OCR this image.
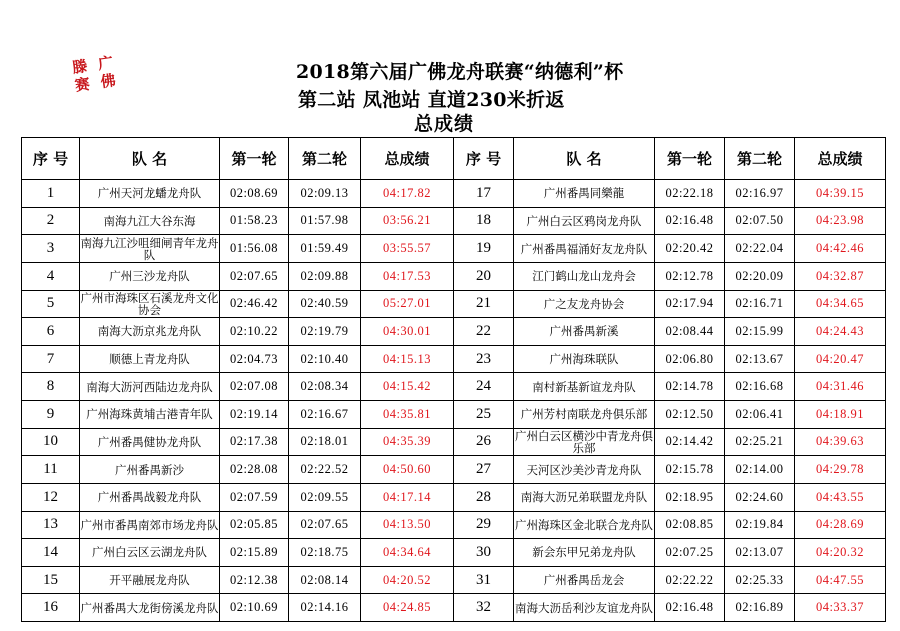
滕 广
赛 佛	2018第六届广佛龙舟联赛“纳德利”杯
第二站 凤池站 直道230米折返
总成绩
序 号	队 名	第一轮	第二轮	总成绩	序 号	队 名	第一轮	第二轮	总成绩
1	广州天河龙蟠龙舟队	02:08.69	02:09.13	04:17.82	17	广州番禺同樂龍	02:22.18	02:16.97	04:39.15
2	南海九江大谷东海	01:58.23	01:57.98	03:56.21	18	广州白云区鸦岗龙舟队	02:16.48	02:07.50	04:23.98
3	南海九江沙咀细闸青年龙舟队	01:56.08	01:59.49	03:55.57	19	广州番禺福涌好友龙舟队	02:20.42	02:22.04	04:42.46
4	广州三沙龙舟队	02:07.65	02:09.88	04:17.53	20	江门鹤山龙山龙舟会	02:12.78	02:20.09	04:32.87
5	广州市海珠区石溪龙舟文化协会	02:46.42	02:40.59	05:27.01	21	广之友龙舟协会	02:17.94	02:16.71	04:34.65
6	南海大沥京兆龙舟队	02:10.22	02:19.79	04:30.01	22	广州番禺新溪	02:08.44	02:15.99	04:24.43
7	顺德上青龙舟队	02:04.73	02:10.40	04:15.13	23	广州海珠联队	02:06.80	02:13.67	04:20.47
8	南海大沥河西陆边龙舟队	02:07.08	02:08.34	04:15.42	24	南村新基新谊龙舟队	02:14.78	02:16.68	04:31.46
9	广州海珠黄埔古港青年队	02:19.14	02:16.67	04:35.81	25	广州芳村南联龙舟俱乐部	02:12.50	02:06.41	04:18.91
10	广州番禺健协龙舟队	02:17.38	02:18.01	04:35.39	26	广州白云区横沙中青龙舟俱乐部	02:14.42	02:25.21	04:39.63
11	广州番禺新沙	02:28.08	02:22.52	04:50.60	27	天河区沙美沙青龙舟队	02:15.78	02:14.00	04:29.78
12	广州番禺战毅龙舟队	02:07.59	02:09.55	04:17.14	28	南海大沥兄弟联盟龙舟队	02:18.95	02:24.60	04:43.55
13	广州市番禺南郊市场龙舟队	02:05.85	02:07.65	04:13.50	29	广州海珠区金北联合龙舟队	02:08.85	02:19.84	04:28.69
14	广州白云区云湖龙舟队	02:15.89	02:18.75	04:34.64	30	新会东甲兄弟龙舟队	02:07.25	02:13.07	04:20.32
15	开平融展龙舟队	02:12.38	02:08.14	04:20.52	31	广州番禺岳龙会	02:22.22	02:25.33	04:47.55
16	广州番禺大龙街傍溪龙舟队	02:10.69	02:14.16	04:24.85	32	南海大沥岳利沙友谊龙舟队	02:16.48	02:16.89	04:33.37
